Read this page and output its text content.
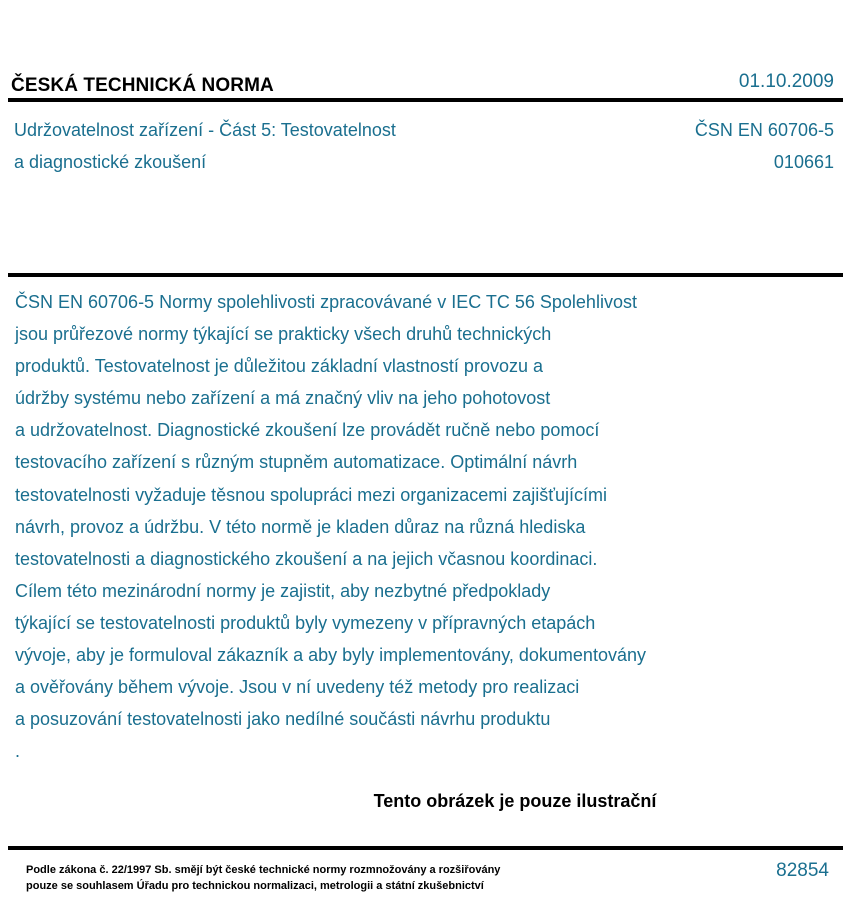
ČESKÁ TECHNICKÁ NORMA	01.10.2009
Udržovatelnost zařízení - Část 5: Testovatelnost
a diagnostické zkoušení
ČSN EN 60706-5
010661
ČSN EN 60706-5 Normy spolehlivosti zpracovávané v IEC TC 56 Spolehlivost
jsou průřezové normy týkající se prakticky všech druhů technických
produktů. Testovatelnost je důležitou základní vlastností provozu a
údržby systému nebo zařízení a má značný vliv na jeho pohotovost
a udržovatelnost. Diagnostické zkoušení lze provádět ručně nebo pomocí
testovacího zařízení s různým stupněm automatizace. Optimální návrh
testovatelnosti vyžaduje těsnou spolupráci mezi organizacemi zajišťujícími
návrh, provoz a údržbu. V této normě je kladen důraz na různá hlediska
testovatelnosti a diagnostického zkoušení a na jejich včasnou koordinaci.
Cílem této mezinárodní normy je zajistit, aby nezbytné předpoklady
týkající se testovatelnosti produktů byly vymezeny v přípravných etapách
vývoje, aby je formuloval zákazník a aby byly implementovány, dokumentovány
a ověřovány během vývoje. Jsou v ní uvedeny též metody pro realizaci
a posuzování testovatelnosti jako nedílné součásti návrhu produktu
.
Tento obrázek je pouze ilustrační
Podle zákona č. 22/1997 Sb. smějí být české technické normy rozmnožovány a rozšiřovány
pouze se souhlasem Úřadu pro technickou normalizaci, metrologii a státní zkušebnictví
82854
